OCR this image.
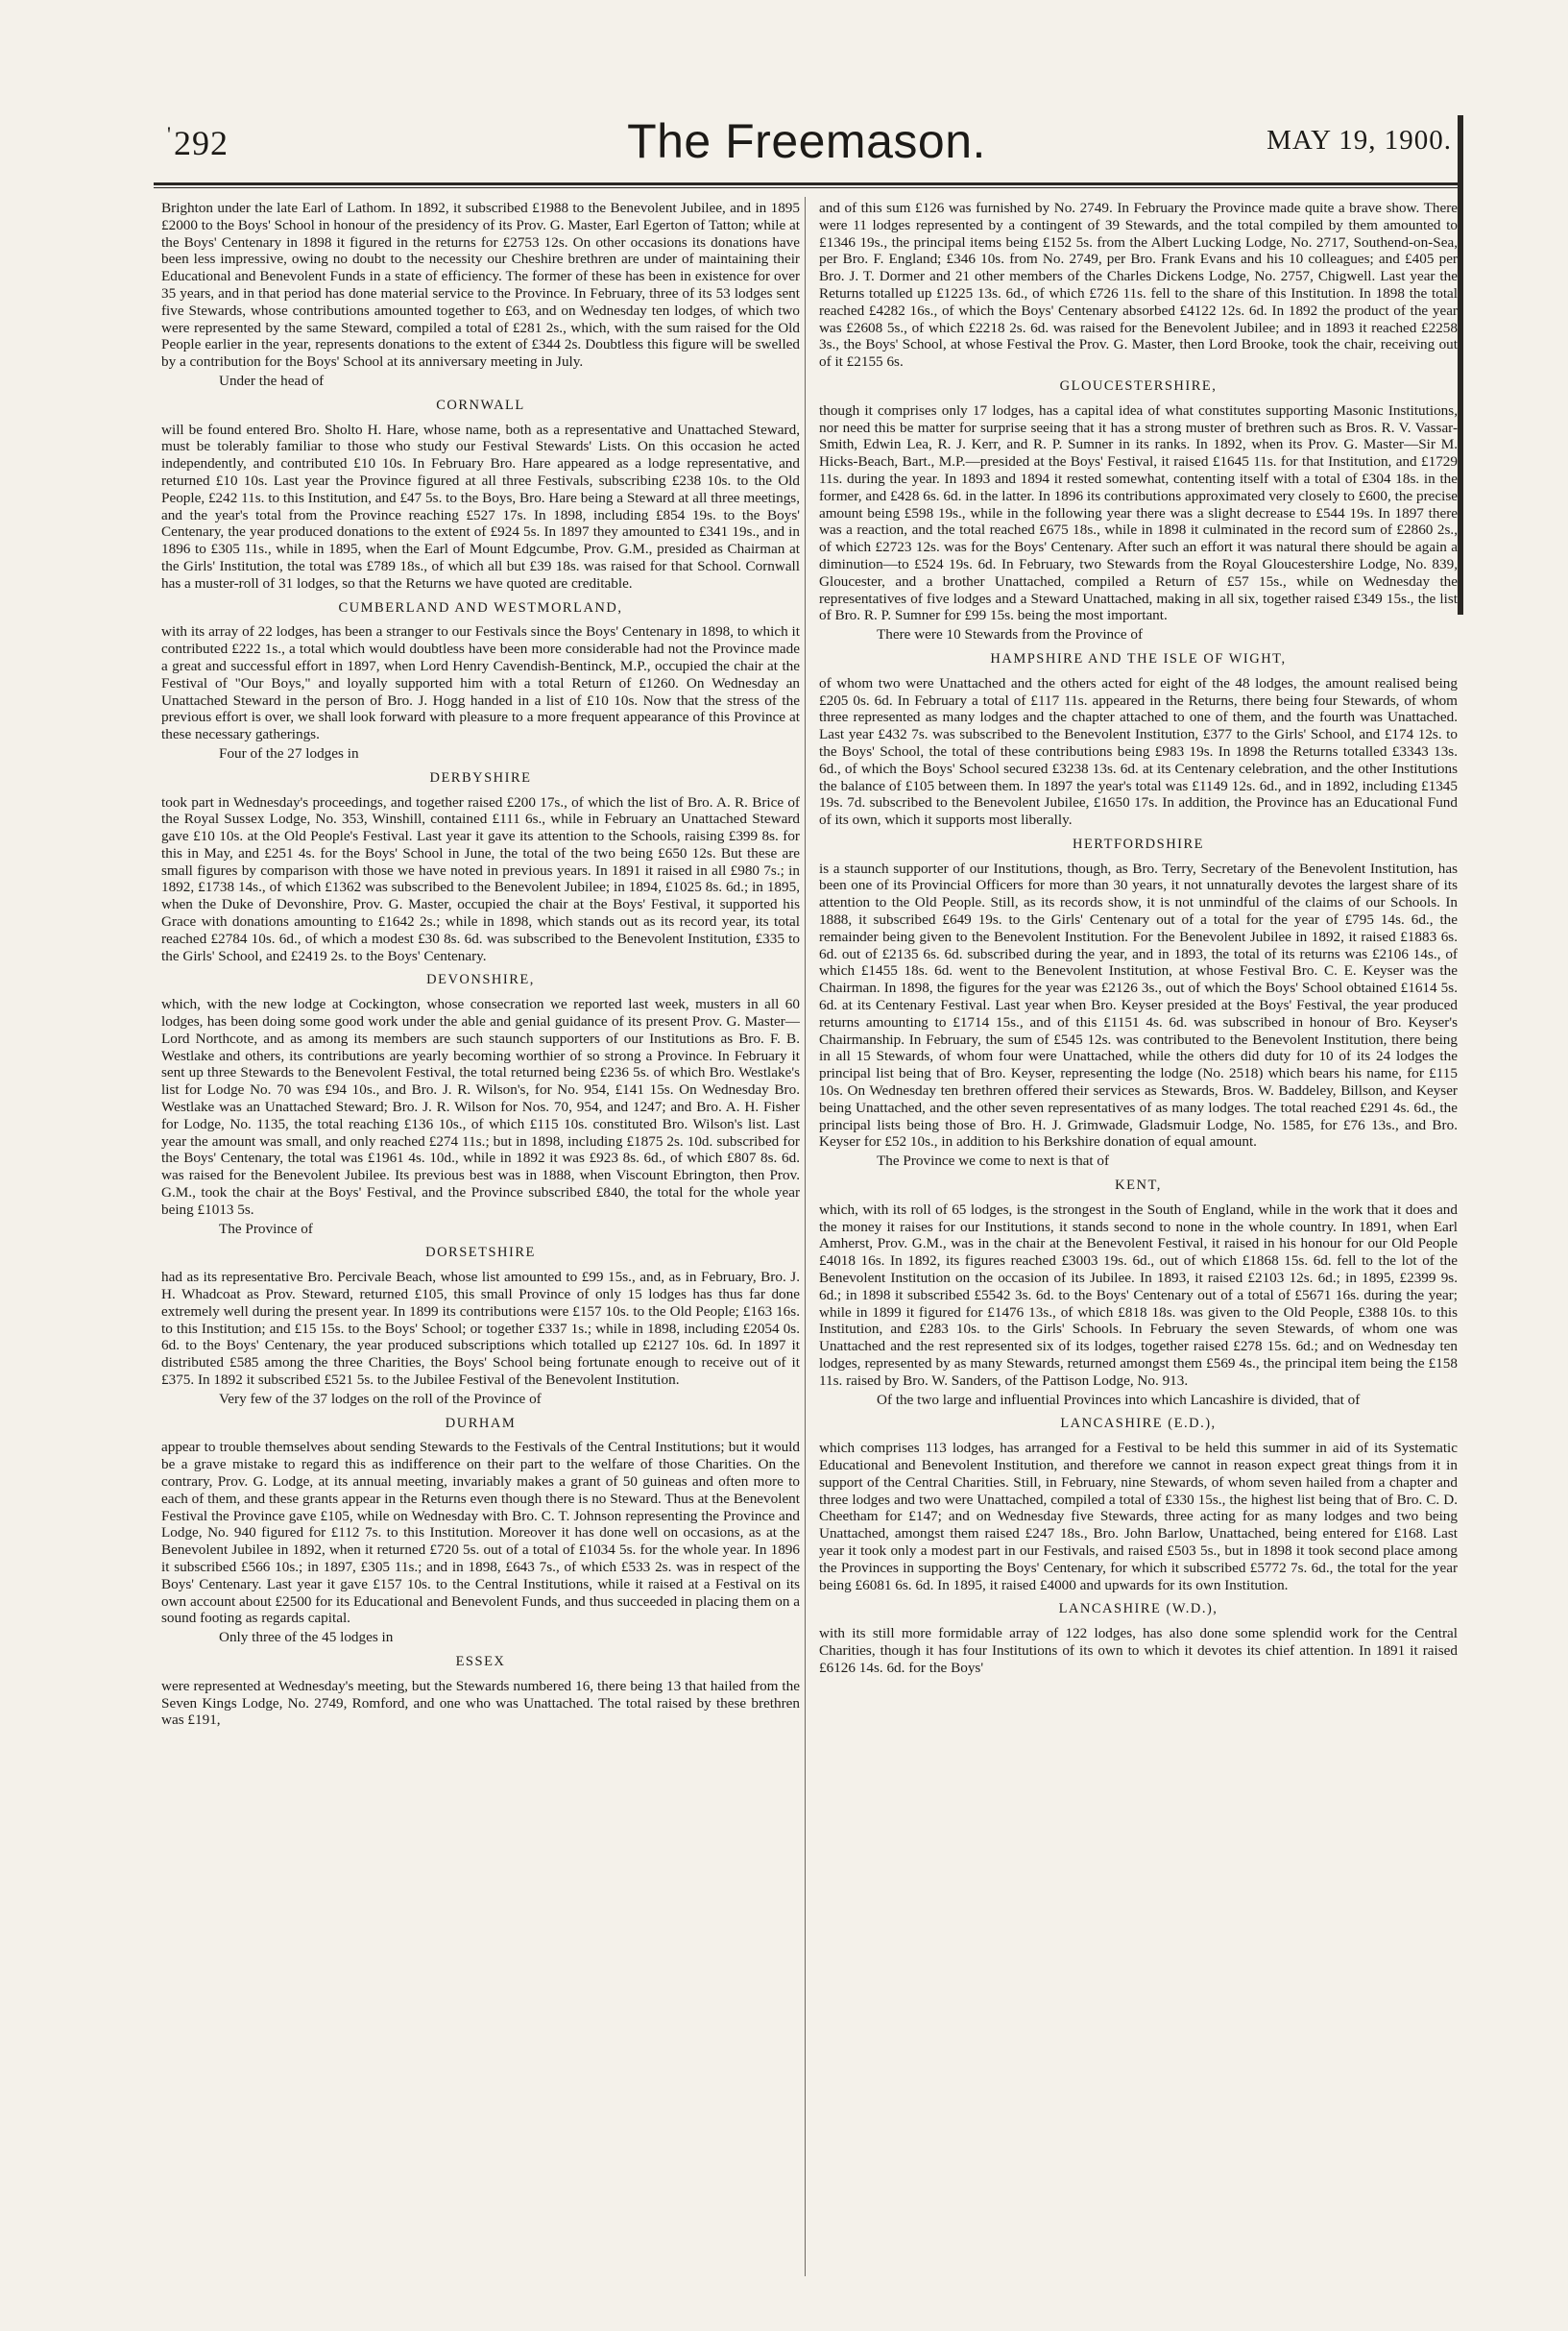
'292	The Freemason.	MAY 19, 1900.

Brighton under the late Earl of Lathom. In 1892, it subscribed £1988 to the Benevolent Jubilee, and in 1895 £2000 to the Boys' School in honour of the presidency of its Prov. G. Master, Earl Egerton of Tatton; while at the Boys' Centenary in 1898 it figured in the returns for £2753 12s. On other occasions its donations have been less impressive, owing no doubt to the necessity our Cheshire brethren are under of maintaining their Educational and Benevolent Funds in a state of efficiency. The former of these has been in existence for over 35 years, and in that period has done material service to the Province. In February, three of its 53 lodges sent five Stewards, whose contributions amounted together to £63, and on Wednesday ten lodges, of which two were represented by the same Steward, compiled a total of £281 2s., which, with the sum raised for the Old People earlier in the year, represents donations to the extent of £344 2s. Doubtless this figure will be swelled by a contribution for the Boys' School at its anniversary meeting in July.

Under the head of

CORNWALL

will be found entered Bro. Sholto H. Hare, whose name, both as a representative and Unattached Steward, must be tolerably familiar to those who study our Festival Stewards' Lists. On this occasion he acted independently, and contributed £10 10s. In February Bro. Hare appeared as a lodge representative, and returned £10 10s. Last year the Province figured at all three Festivals, subscribing £238 10s. to the Old People, £242 11s. to this Institution, and £47 5s. to the Boys, Bro. Hare being a Steward at all three meetings, and the year's total from the Province reaching £527 17s. In 1898, including £854 19s. to the Boys' Centenary, the year produced donations to the extent of £924 5s. In 1897 they amounted to £341 19s., and in 1896 to £305 11s., while in 1895, when the Earl of Mount Edgcumbe, Prov. G.M., presided as Chairman at the Girls' Institution, the total was £789 18s., of which all but £39 18s. was raised for that School. Cornwall has a muster-roll of 31 lodges, so that the Returns we have quoted are creditable.

CUMBERLAND AND WESTMORLAND,

with its array of 22 lodges, has been a stranger to our Festivals since the Boys' Centenary in 1898, to which it contributed £222 1s., a total which would doubtless have been more considerable had not the Province made a great and successful effort in 1897, when Lord Henry Cavendish-Bentinck, M.P., occupied the chair at the Festival of "Our Boys," and loyally supported him with a total Return of £1260. On Wednesday an Unattached Steward in the person of Bro. J. Hogg handed in a list of £10 10s. Now that the stress of the previous effort is over, we shall look forward with pleasure to a more frequent appearance of this Province at these necessary gatherings.

Four of the 27 lodges in

DERBYSHIRE

took part in Wednesday's proceedings, and together raised £200 17s., of which the list of Bro. A. R. Brice of the Royal Sussex Lodge, No. 353, Winshill, contained £111 6s., while in February an Unattached Steward gave £10 10s. at the Old People's Festival. Last year it gave its attention to the Schools, raising £399 8s. for this in May, and £251 4s. for the Boys' School in June, the total of the two being £650 12s. But these are small figures by comparison with those we have noted in previous years. In 1891 it raised in all £980 7s.; in 1892, £1738 14s., of which £1362 was subscribed to the Benevolent Jubilee; in 1894, £1025 8s. 6d.; in 1895, when the Duke of Devonshire, Prov. G. Master, occupied the chair at the Boys' Festival, it supported his Grace with donations amounting to £1642 2s.; while in 1898, which stands out as its record year, its total reached £2784 10s. 6d., of which a modest £30 8s. 6d. was subscribed to the Benevolent Institution, £335 to the Girls' School, and £2419 2s. to the Boys' Centenary.

DEVONSHIRE,

which, with the new lodge at Cockington, whose consecration we reported last week, musters in all 60 lodges, has been doing some good work under the able and genial guidance of its present Prov. G. Master—Lord Northcote, and as among its members are such staunch supporters of our Institutions as Bro. F. B. Westlake and others, its contributions are yearly becoming worthier of so strong a Province. In February it sent up three Stewards to the Benevolent Festival, the total returned being £236 5s. of which Bro. Westlake's list for Lodge No. 70 was £94 10s., and Bro. J. R. Wilson's, for No. 954, £141 15s. On Wednesday Bro. Westlake was an Unattached Steward; Bro. J. R. Wilson for Nos. 70, 954, and 1247; and Bro. A. H. Fisher for Lodge, No. 1135, the total reaching £136 10s., of which £115 10s. constituted Bro. Wilson's list. Last year the amount was small, and only reached £274 11s.; but in 1898, including £1875 2s. 10d. subscribed for the Boys' Centenary, the total was £1961 4s. 10d., while in 1892 it was £923 8s. 6d., of which £807 8s. 6d. was raised for the Benevolent Jubilee. Its previous best was in 1888, when Viscount Ebrington, then Prov. G.M., took the chair at the Boys' Festival, and the Province subscribed £840, the total for the whole year being £1013 5s.

The Province of

DORSETSHIRE

had as its representative Bro. Percivale Beach, whose list amounted to £99 15s., and, as in February, Bro. J. H. Whadcoat as Prov. Steward, returned £105, this small Province of only 15 lodges has thus far done extremely well during the present year. In 1899 its contributions were £157 10s. to the Old People; £163 16s. to this Institution; and £15 15s. to the Boys' School; or together £337 1s.; while in 1898, including £2054 0s. 6d. to the Boys' Centenary, the year produced subscriptions which totalled up £2127 10s. 6d. In 1897 it distributed £585 among the three Charities, the Boys' School being fortunate enough to receive out of it £375. In 1892 it subscribed £521 5s. to the Jubilee Festival of the Benevolent Institution.

Very few of the 37 lodges on the roll of the Province of

DURHAM

appear to trouble themselves about sending Stewards to the Festivals of the Central Institutions; but it would be a grave mistake to regard this as indifference on their part to the welfare of those Charities. On the contrary, Prov. G. Lodge, at its annual meeting, invariably makes a grant of 50 guineas and often more to each of them, and these grants appear in the Returns even though there is no Steward. Thus at the Benevolent Festival the Province gave £105, while on Wednesday with Bro. C. T. Johnson representing the Province and Lodge, No. 940 figured for £112 7s. to this Institution. Moreover it has done well on occasions, as at the Benevolent Jubilee in 1892, when it returned £720 5s. out of a total of £1034 5s. for the whole year. In 1896 it subscribed £566 10s.; in 1897, £305 11s.; and in 1898, £643 7s., of which £533 2s. was in respect of the Boys' Centenary. Last year it gave £157 10s. to the Central Institutions, while it raised at a Festival on its own account about £2500 for its Educational and Benevolent Funds, and thus succeeded in placing them on a sound footing as regards capital.

Only three of the 45 lodges in

ESSEX

were represented at Wednesday's meeting, but the Stewards numbered 16, there being 13 that hailed from the Seven Kings Lodge, No. 2749, Romford, and one who was Unattached. The total raised by these brethren was £191,

and of this sum £126 was furnished by No. 2749. In February the Province made quite a brave show. There were 11 lodges represented by a contingent of 39 Stewards, and the total compiled by them amounted to £1346 19s., the principal items being £152 5s. from the Albert Lucking Lodge, No. 2717, Southend-on-Sea, per Bro. F. England; £346 10s. from No. 2749, per Bro. Frank Evans and his 10 colleagues; and £405 per Bro. J. T. Dormer and 21 other members of the Charles Dickens Lodge, No. 2757, Chigwell. Last year the Returns totalled up £1225 13s. 6d., of which £726 11s. fell to the share of this Institution. In 1898 the total reached £4282 16s., of which the Boys' Centenary absorbed £4122 12s. 6d. In 1892 the product of the year was £2608 5s., of which £2218 2s. 6d. was raised for the Benevolent Jubilee; and in 1893 it reached £2258 3s., the Boys' School, at whose Festival the Prov. G. Master, then Lord Brooke, took the chair, receiving out of it £2155 6s.

GLOUCESTERSHIRE,

though it comprises only 17 lodges, has a capital idea of what constitutes supporting Masonic Institutions, nor need this be matter for surprise seeing that it has a strong muster of brethren such as Bros. R. V. Vassar-Smith, Edwin Lea, R. J. Kerr, and R. P. Sumner in its ranks. In 1892, when its Prov. G. Master—Sir M. Hicks-Beach, Bart., M.P.—presided at the Boys' Festival, it raised £1645 11s. for that Institution, and £1729 11s. during the year. In 1893 and 1894 it rested somewhat, contenting itself with a total of £304 18s. in the former, and £428 6s. 6d. in the latter. In 1896 its contributions approximated very closely to £600, the precise amount being £598 19s., while in the following year there was a slight decrease to £544 19s. In 1897 there was a reaction, and the total reached £675 18s., while in 1898 it culminated in the record sum of £2860 2s., of which £2723 12s. was for the Boys' Centenary. After such an effort it was natural there should be again a diminution—to £524 19s. 6d. In February, two Stewards from the Royal Gloucestershire Lodge, No. 839, Gloucester, and a brother Unattached, compiled a Return of £57 15s., while on Wednesday the representatives of five lodges and a Steward Unattached, making in all six, together raised £349 15s., the list of Bro. R. P. Sumner for £99 15s. being the most important.

There were 10 Stewards from the Province of

HAMPSHIRE AND THE ISLE OF WIGHT,

of whom two were Unattached and the others acted for eight of the 48 lodges, the amount realised being £205 0s. 6d. In February a total of £117 11s. appeared in the Returns, there being four Stewards, of whom three represented as many lodges and the chapter attached to one of them, and the fourth was Unattached. Last year £432 7s. was subscribed to the Benevolent Institution, £377 to the Girls' School, and £174 12s. to the Boys' School, the total of these contributions being £983 19s. In 1898 the Returns totalled £3343 13s. 6d., of which the Boys' School secured £3238 13s. 6d. at its Centenary celebration, and the other Institutions the balance of £105 between them. In 1897 the year's total was £1149 12s. 6d., and in 1892, including £1345 19s. 7d. subscribed to the Benevolent Jubilee, £1650 17s. In addition, the Province has an Educational Fund of its own, which it supports most liberally.

HERTFORDSHIRE

is a staunch supporter of our Institutions, though, as Bro. Terry, Secretary of the Benevolent Institution, has been one of its Provincial Officers for more than 30 years, it not unnaturally devotes the largest share of its attention to the Old People. Still, as its records show, it is not unmindful of the claims of our Schools. In 1888, it subscribed £649 19s. to the Girls' Centenary out of a total for the year of £795 14s. 6d., the remainder being given to the Benevolent Institution. For the Benevolent Jubilee in 1892, it raised £1883 6s. 6d. out of £2135 6s. 6d. subscribed during the year, and in 1893, the total of its returns was £2106 14s., of which £1455 18s. 6d. went to the Benevolent Institution, at whose Festival Bro. C. E. Keyser was the Chairman. In 1898, the figures for the year was £2126 3s., out of which the Boys' School obtained £1614 5s. 6d. at its Centenary Festival. Last year when Bro. Keyser presided at the Boys' Festival, the year produced returns amounting to £1714 15s., and of this £1151 4s. 6d. was subscribed in honour of Bro. Keyser's Chairmanship. In February, the sum of £545 12s. was contributed to the Benevolent Institution, there being in all 15 Stewards, of whom four were Unattached, while the others did duty for 10 of its 24 lodges the principal list being that of Bro. Keyser, representing the lodge (No. 2518) which bears his name, for £115 10s. On Wednesday ten brethren offered their services as Stewards, Bros. W. Baddeley, Billson, and Keyser being Unattached, and the other seven representatives of as many lodges. The total reached £291 4s. 6d., the principal lists being those of Bro. H. J. Grimwade, Gladsmuir Lodge, No. 1585, for £76 13s., and Bro. Keyser for £52 10s., in addition to his Berkshire donation of equal amount.

The Province we come to next is that of

KENT,

which, with its roll of 65 lodges, is the strongest in the South of England, while in the work that it does and the money it raises for our Institutions, it stands second to none in the whole country. In 1891, when Earl Amherst, Prov. G.M., was in the chair at the Benevolent Festival, it raised in his honour for our Old People £4018 16s. In 1892, its figures reached £3003 19s. 6d., out of which £1868 15s. 6d. fell to the lot of the Benevolent Institution on the occasion of its Jubilee. In 1893, it raised £2103 12s. 6d.; in 1895, £2399 9s. 6d.; in 1898 it subscribed £5542 3s. 6d. to the Boys' Centenary out of a total of £5671 16s. during the year; while in 1899 it figured for £1476 13s., of which £818 18s. was given to the Old People, £388 10s. to this Institution, and £283 10s. to the Girls' Schools. In February the seven Stewards, of whom one was Unattached and the rest represented six of its lodges, together raised £278 15s. 6d.; and on Wednesday ten lodges, represented by as many Stewards, returned amongst them £569 4s., the principal item being the £158 11s. raised by Bro. W. Sanders, of the Pattison Lodge, No. 913.

Of the two large and influential Provinces into which Lancashire is divided, that of

LANCASHIRE (E.D.),

which comprises 113 lodges, has arranged for a Festival to be held this summer in aid of its Systematic Educational and Benevolent Institution, and therefore we cannot in reason expect great things from it in support of the Central Charities. Still, in February, nine Stewards, of whom seven hailed from a chapter and three lodges and two were Unattached, compiled a total of £330 15s., the highest list being that of Bro. C. D. Cheetham for £147; and on Wednesday five Stewards, three acting for as many lodges and two being Unattached, amongst them raised £247 18s., Bro. John Barlow, Unattached, being entered for £168. Last year it took only a modest part in our Festivals, and raised £503 5s., but in 1898 it took second place among the Provinces in supporting the Boys' Centenary, for which it subscribed £5772 7s. 6d., the total for the year being £6081 6s. 6d. In 1895, it raised £4000 and upwards for its own Institution.

LANCASHIRE (W.D.),

with its still more formidable array of 122 lodges, has also done some splendid work for the Central Charities, though it has four Institutions of its own to which it devotes its chief attention. In 1891 it raised £6126 14s. 6d. for the Boys'
